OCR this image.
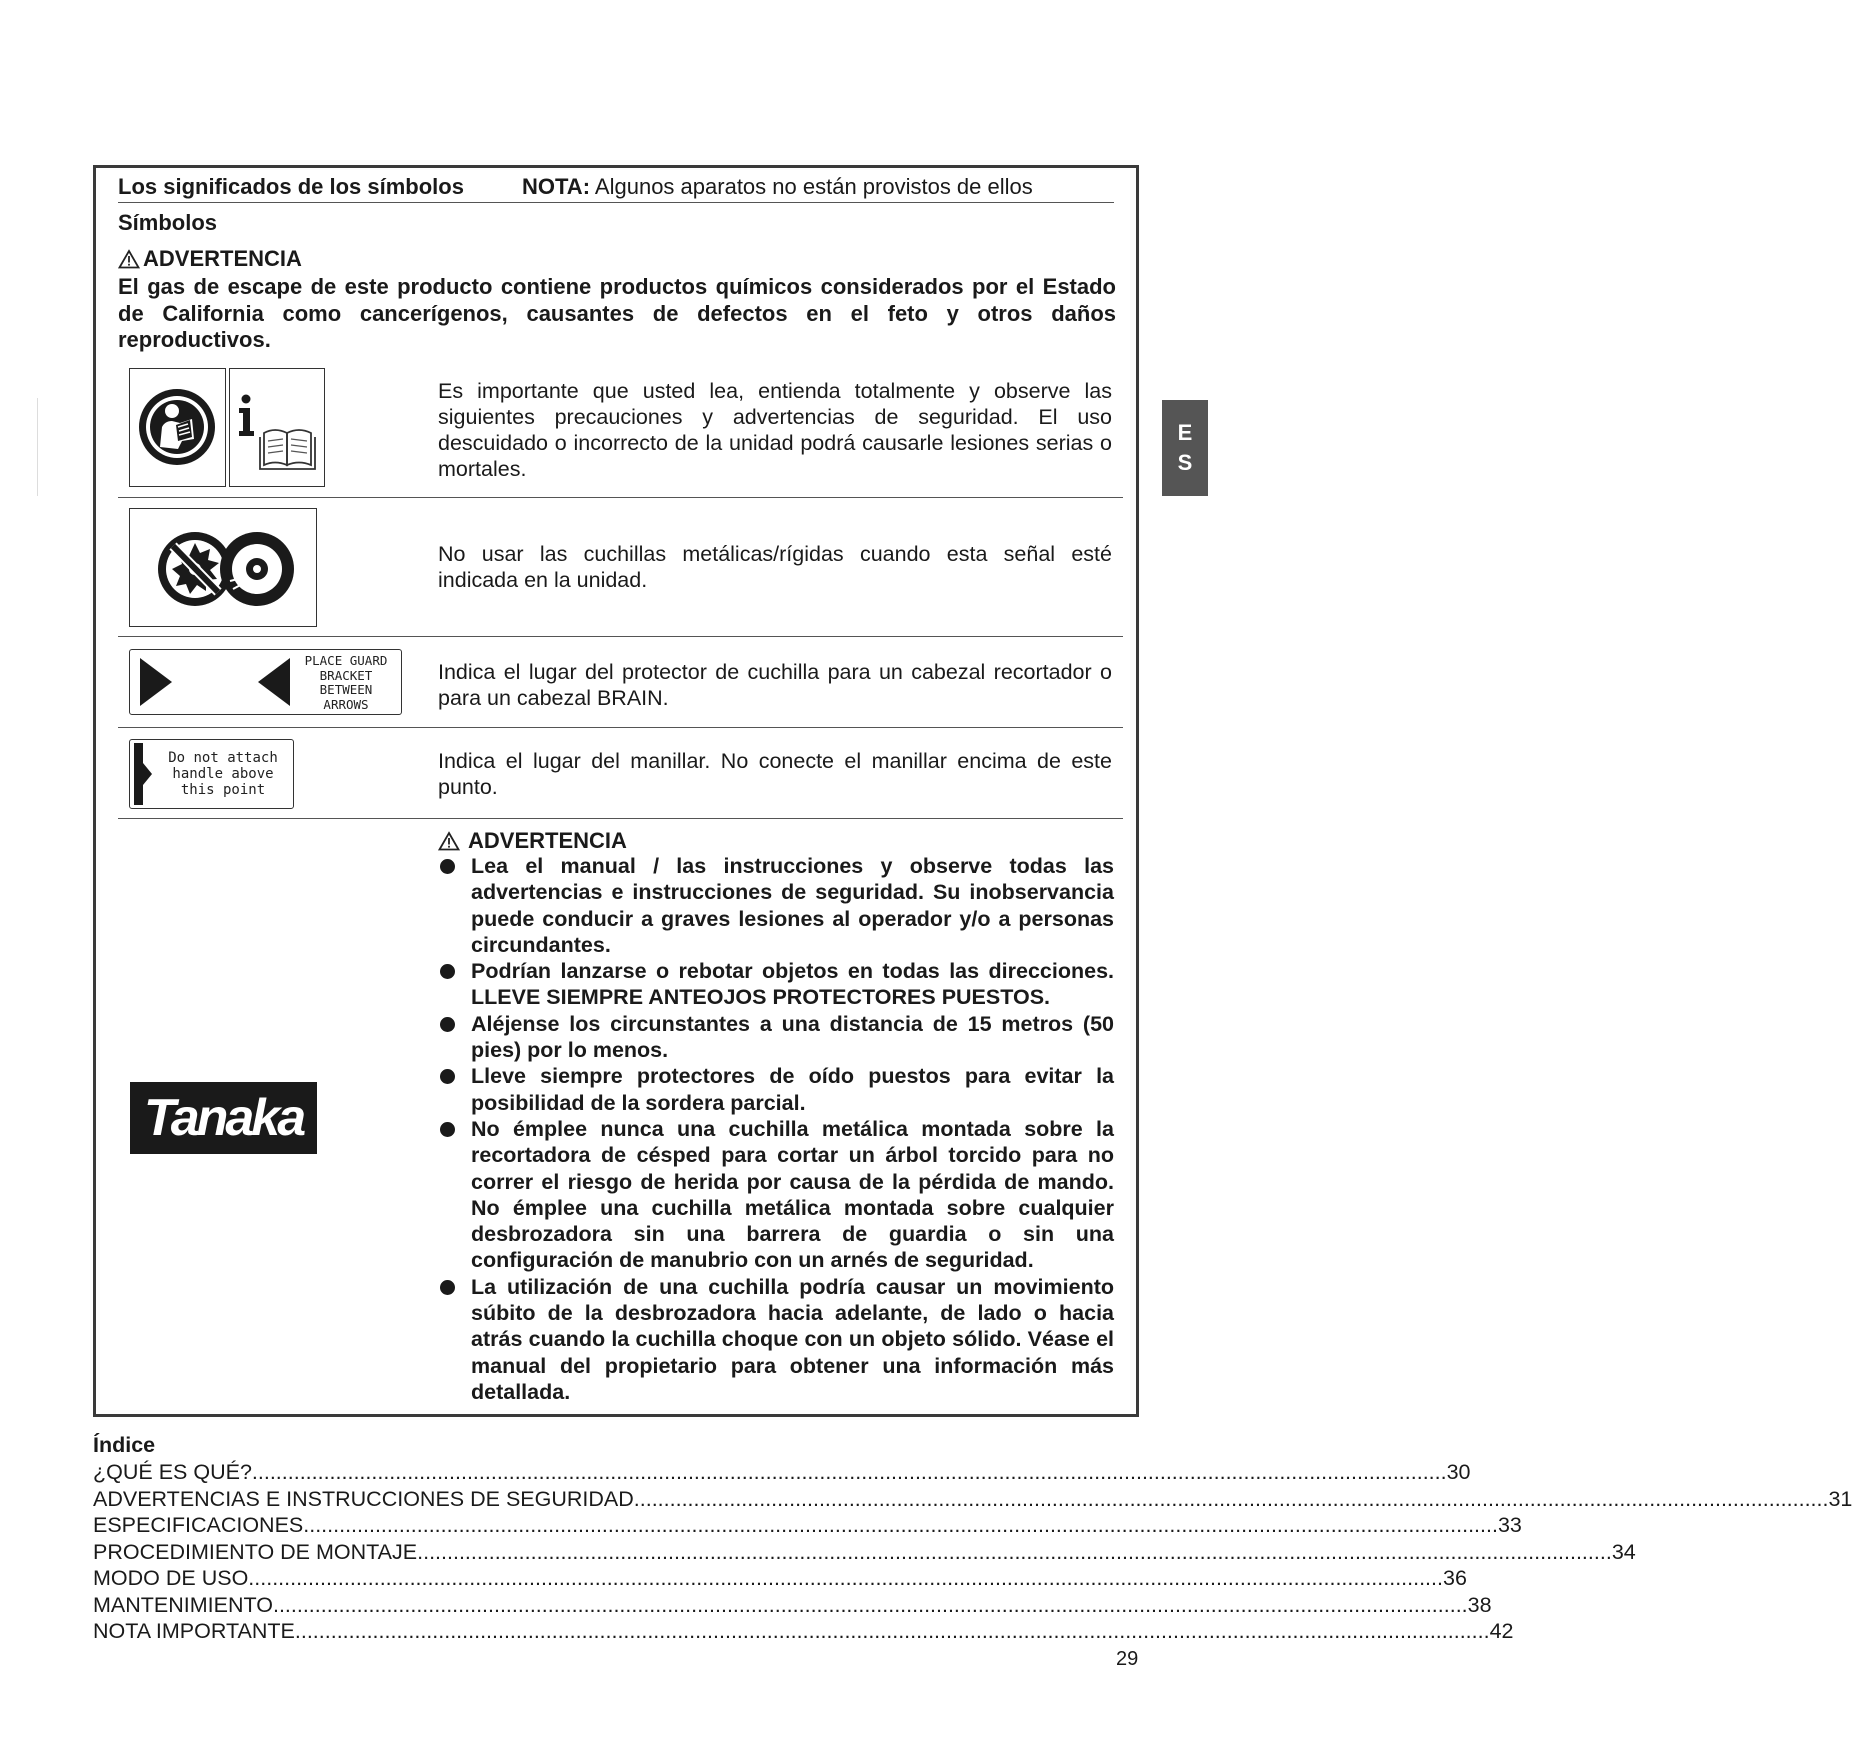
Los significados de los símbolos	NOTA: Algunos aparatos no están provistos de ellos
Símbolos
ADVERTENCIA
El gas de escape de este producto contiene productos químicos considerados por el Estado de California como cancerígenos, causantes de defectos en el feto y otros daños reproductivos.
Es importante que usted lea, entienda totalmente y observe las siguientes precauciones y advertencias de seguridad. El uso descuidado o incorrecto de la unidad podrá causarle lesiones serias o mortales.
No usar las cuchillas metálicas/rígidas cuando esta señal esté indicada en la unidad.
PLACE GUARD
BRACKET
BETWEEN
ARROWS
Indica el lugar del protector de cuchilla para un cabezal recortador o para un cabezal BRAIN.
Do not attach
handle above
this point
Indica el lugar del manillar. No conecte el manillar encima de este punto.
Tanaka
ADVERTENCIA
Lea el manual / las instrucciones y observe todas las advertencias e instrucciones de seguridad. Su inobservancia puede conducir a graves lesiones al operador y/o a personas circundantes.
Podrían lanzarse o rebotar objetos en todas las direcciones. LLEVE SIEMPRE ANTEOJOS PROTECTORES PUESTOS.
Aléjense los circunstantes a una distancia de 15 metros (50 pies) por lo menos.
Lleve siempre protectores de oído puestos para evitar la posibilidad de la sordera parcial.
No émplee nunca una cuchilla metálica montada sobre la recortadora de césped para cortar un árbol torcido para no correr el riesgo de herida por causa de la pérdida de mando. No émplee una cuchilla metálica montada sobre cualquier desbrozadora sin una barrera de guardia o sin una configuración de manubrio con un arnés de seguridad.
La utilización de una cuchilla podría causar un movimiento súbito de la desbrozadora hacia adelante, de lado o hacia atrás cuando la cuchilla choque con un objeto sólido. Véase el manual del propietario para obtener una información más detallada.
E
S
Índice
¿QUÉ ES QUÉ? ........................................................................................................................................................................................................ 30
ADVERTENCIAS E INSTRUCCIONES DE SEGURIDAD ........................................................................................................................................................................................................ 31
ESPECIFICACIONES ........................................................................................................................................................................................................ 33
PROCEDIMIENTO DE MONTAJE ........................................................................................................................................................................................................ 34
MODO DE USO ........................................................................................................................................................................................................ 36
MANTENIMIENTO ........................................................................................................................................................................................................ 38
NOTA IMPORTANTE ........................................................................................................................................................................................................ 42
29
